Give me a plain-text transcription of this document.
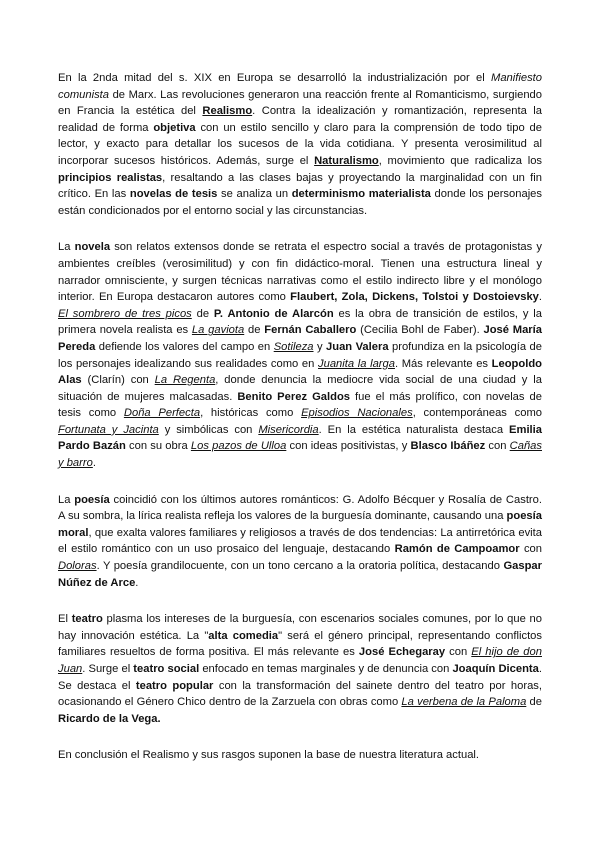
En la 2nda mitad del s. XIX en Europa se desarrolló la industrialización por el Manifiesto comunista de Marx. Las revoluciones generaron una reacción frente al Romanticismo, surgiendo en Francia la estética del Realismo. Contra la idealización y romantización, representa la realidad de forma objetiva con un estilo sencillo y claro para la comprensión de todo tipo de lector, y exacto para detallar los sucesos de la vida cotidiana. Y presenta verosimilitud al incorporar sucesos históricos. Además, surge el Naturalismo, movimiento que radicaliza los principios realistas, resaltando a las clases bajas y proyectando la marginalidad con un fin crítico. En las novelas de tesis se analiza un determinismo materialista donde los personajes están condicionados por el entorno social y las circunstancias.

La novela son relatos extensos donde se retrata el espectro social a través de protagonistas y ambientes creíbles (verosimilitud) y con fin didáctico-moral. Tienen una estructura lineal y narrador omnisciente, y surgen técnicas narrativas como el estilo indirecto libre y el monólogo interior. En Europa destacaron autores como Flaubert, Zola, Dickens, Tolstoi y Dostoievsky. El sombrero de tres picos de P. Antonio de Alarcón es la obra de transición de estilos, y la primera novela realista es La gaviota de Fernán Caballero (Cecilia Bohl de Faber). José María Pereda defiende los valores del campo en Sotileza y Juan Valera profundiza en la psicología de los personajes idealizando sus realidades como en Juanita la larga. Más relevante es Leopoldo Alas (Clarín) con La Regenta, donde denuncia la mediocre vida social de una ciudad y la situación de mujeres malcasadas. Benito Perez Galdos fue el más prolífico, con novelas de tesis como Doña Perfecta, históricas como Episodios Nacionales, contemporáneas como Fortunata y Jacinta y simbólicas con Misericordia. En la estética naturalista destaca Emilia Pardo Bazán con su obra Los pazos de Ulloa con ideas positivistas, y Blasco Ibáñez con Cañas y barro.

La poesía coincidió con los últimos autores románticos: G. Adolfo Bécquer y Rosalía de Castro. A su sombra, la lírica realista refleja los valores de la burguesía dominante, causando una poesía moral, que exalta valores familiares y religiosos a través de dos tendencias: La antirretórica evita el estilo romántico con un uso prosaico del lenguaje, destacando Ramón de Campoamor con Doloras. Y poesía grandilocuente, con un tono cercano a la oratoria política, destacando Gaspar Núñez de Arce.

El teatro plasma los intereses de la burguesía, con escenarios sociales comunes, por lo que no hay innovación estética. La "alta comedia" será el género principal, representando conflictos familiares resueltos de forma positiva. El más relevante es José Echegaray con El hijo de don Juan. Surge el teatro social enfocado en temas marginales y de denuncia con Joaquín Dicenta. Se destaca el teatro popular con la transformación del sainete dentro del teatro por horas, ocasionando el Género Chico dentro de la Zarzuela con obras como La verbena de la Paloma de Ricardo de la Vega.

En conclusión el Realismo y sus rasgos suponen la base de nuestra literatura actual.
